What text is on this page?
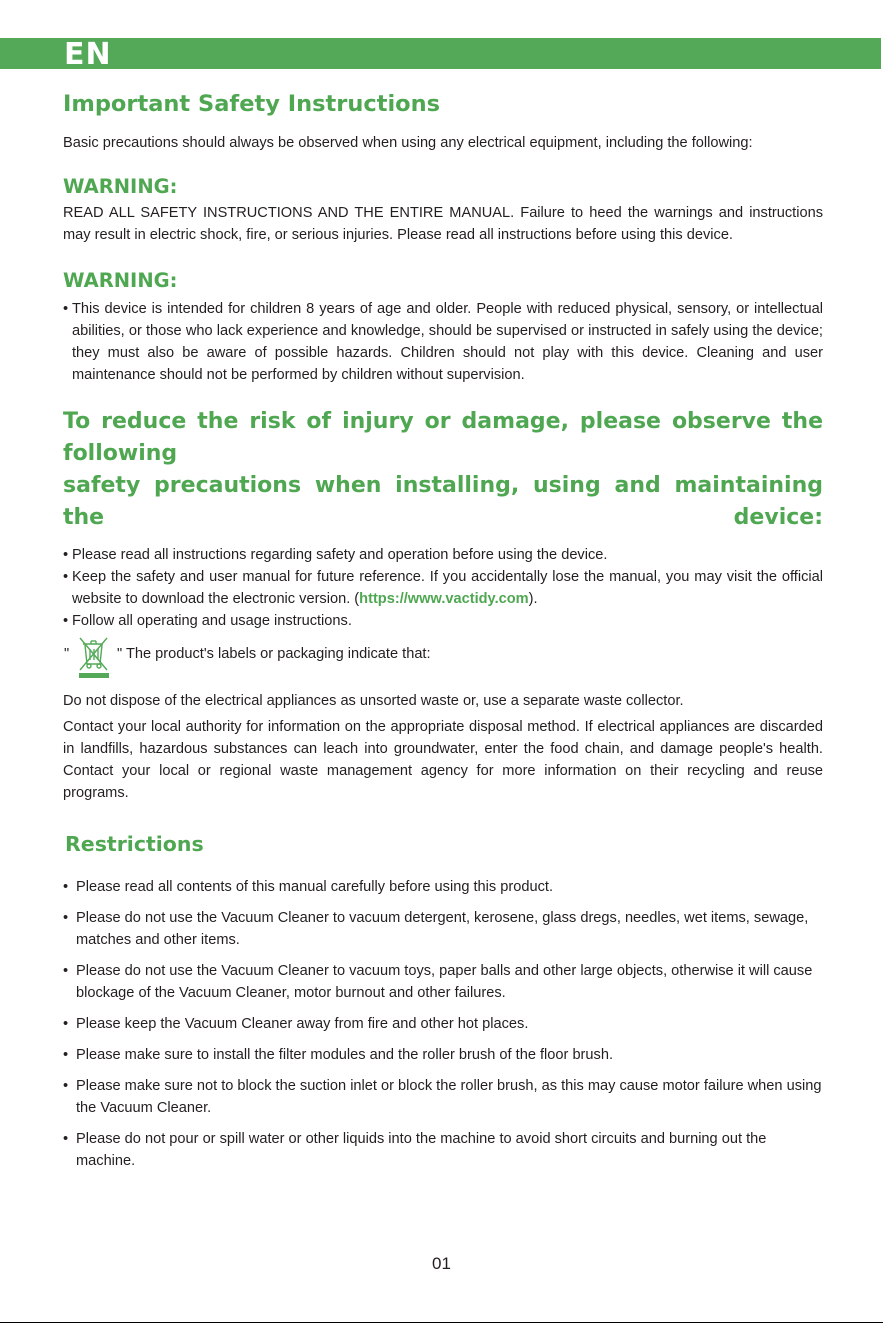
EN
Important Safety Instructions

Basic precautions should always be observed when using any electrical equipment, including the following:

WARNING:

READ ALL SAFETY INSTRUCTIONS AND THE ENTIRE MANUAL. Failure to heed the warnings and instructions may result in electric shock, fire, or serious injuries. Please read all instructions before using this device.

WARNING:
• This device is intended for children 8 years of age and older. People with reduced physical, sensory, or intellectual abilities, or those who lack experience and knowledge, should be supervised or instructed in safely using the device; they must also be aware of possible hazards. Children should not play with this device. Cleaning and user maintenance should not be performed by children without supervision.
To reduce the risk of injury or damage, please observe the following
safety precautions when installing, using and maintaining the device:
• Please read all instructions regarding safety and operation before using the device.
• Keep the safety and user manual for future reference. If you accidentally lose the manual, you may visit the official website to download the electronic version. (https://www.vactidy.com).
• Follow all operating and usage instructions.
"	" The product's labels or packaging indicate that:

Do not dispose of the electrical appliances as unsorted waste or, use a separate waste collector.

Contact your local authority for information on the appropriate disposal method. If electrical appliances are discarded in landfills, hazardous substances can leach into groundwater, enter the food chain, and damage people's health. Contact your local or regional waste management agency for more information on their recycling and reuse programs.

Restrictions
• Please read all contents of this manual carefully before using this product.
• Please do not use the Vacuum Cleaner to vacuum detergent, kerosene, glass dregs, needles, wet items, sewage, matches and other items.
• Please do not use the Vacuum Cleaner to vacuum toys, paper balls and other large objects, otherwise it will cause blockage of the Vacuum Cleaner, motor burnout and other failures.
• Please keep the Vacuum Cleaner away from fire and other hot places.
• Please make sure to install the filter modules and the roller brush of the floor brush.
• Please make sure not to block the suction inlet or block the roller brush, as this may cause motor failure when using the Vacuum Cleaner.
• Please do not pour or spill water or other liquids into the machine to avoid short circuits and burning out the machine.
01
